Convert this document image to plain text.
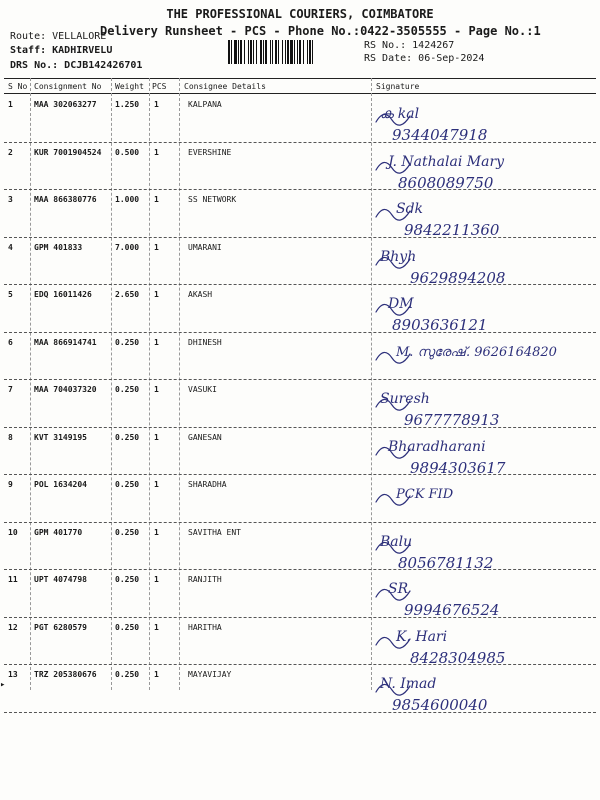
THE PROFESSIONAL COURIERS, COIMBATORE
Delivery Runsheet - PCS - Phone No.:0422-3505555 - Page No.:1
Route: VELLALORE
Staff: KADHIRVELU
DRS No.: DCJB142426701
RS No.: 1424267
RS Date: 06-Sep-2024
S No Consignment No Weight PCS Consignee Details	Signature
1	MAA 302063277 1.250 1	KALPANA
ക kal
9344047918
2	KUR 7001904524 0.500 1	EVERSHINE
J. Nathalai Mary
8608089750
3	MAA 866380776 1.000 1	SS NETWORK
Sdk
9842211360
4	GPM 401833	7.000 1	UMARANI
Bhyh
9629894208
5	EDQ 16011426	2.650 1	AKASH
DM
8903636121
6	MAA 866914741 0.250 1	DHINESH
M. സുരേഷ്. 9626164820
7	MAA 704037320 0.250 1	VASUKI
Suresh
9677778913
8	KVT 3149195	0.250 1	GANESAN
Bharadharani
9894303617
9	POL 1634204	0.250 1	SHARADHA
PCK FID
10 GPM 401770	0.250 1	SAVITHA ENT
Balu
8056781132
11 UPT 4074798	0.250 1	RANJITH
SR
9994676524
12 PGT 6280579	0.250 1	HARITHA
K. Hari
8428304985
13 TRZ 205380676 0.250 1	MAYAVIJAY
N. Imad
9854600040
▸
